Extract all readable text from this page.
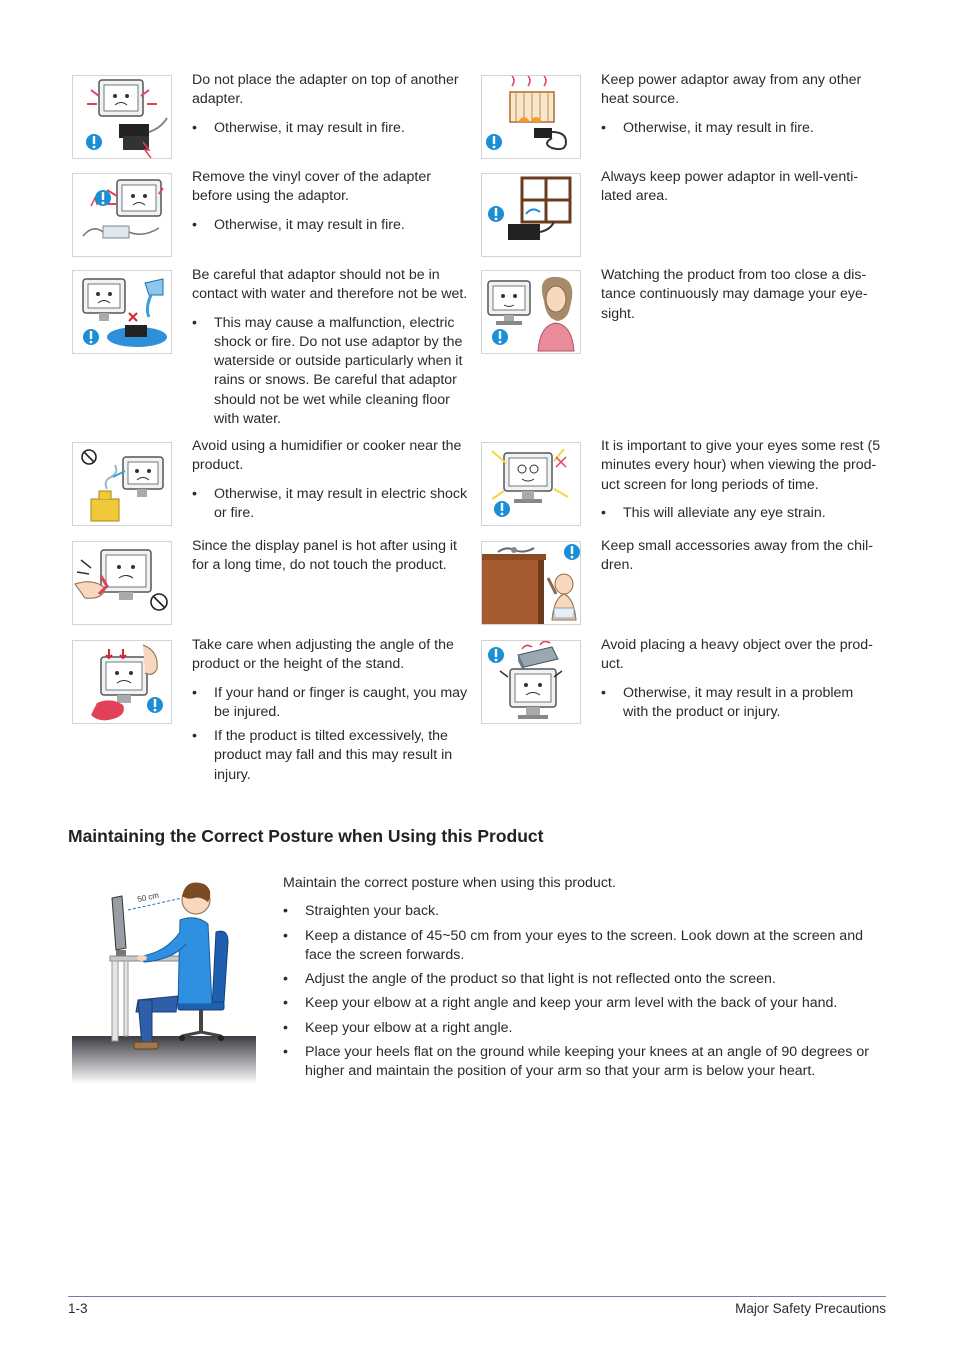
Do not place the adapter on top of another adapter.

• Otherwise, it may result in fire.

Keep power adaptor away from any other heat source.

• Otherwise, it may result in fire.

Remove the vinyl cover of the adapter before using the adaptor.

• Otherwise, it may result in fire.

Always keep power adaptor in well-venti-lated area.

Be careful that adaptor should not be in contact with water and therefore not be wet.

• This may cause a malfunction, electric shock or fire. Do not use adaptor by the waterside or outside particularly when it rains or snows. Be careful that adaptor should not be wet while cleaning floor with water.

Watching the product from too close a dis-tance continuously may damage your eye-sight.

Avoid using a humidifier or cooker near the product.

• Otherwise, it may result in electric shock or fire.

It is important to give your eyes some rest (5 minutes every hour) when viewing the prod-uct screen for long periods of time.

• This will alleviate any eye strain.

Since the display panel is hot after using it for a long time, do not touch the product.

Keep small accessories away from the chil-dren.

Take care when adjusting the angle of the product or the height of the stand.

• If your hand or finger is caught, you may be injured.
• If the product is tilted excessively, the product may fall and this may result in injury.

Avoid placing a heavy object over the prod-uct.

• Otherwise, it may result in a problem with the product or injury.
Maintaining the Correct Posture when Using this Product
50 cm

Maintain the correct posture when using this product.

• Straighten your back.
• Keep a distance of 45~50 cm from your eyes to the screen. Look down at the screen and face the screen forwards.
• Adjust the angle of the product so that light is not reflected onto the screen.
• Keep your elbow at a right angle and keep your arm level with the back of your hand.
• Keep your elbow at a right angle.
• Place your heels flat on the ground while keeping your knees at an angle of 90 degrees or higher and maintain the position of your arm so that your arm is below your heart.
1-3	Major Safety Precautions
